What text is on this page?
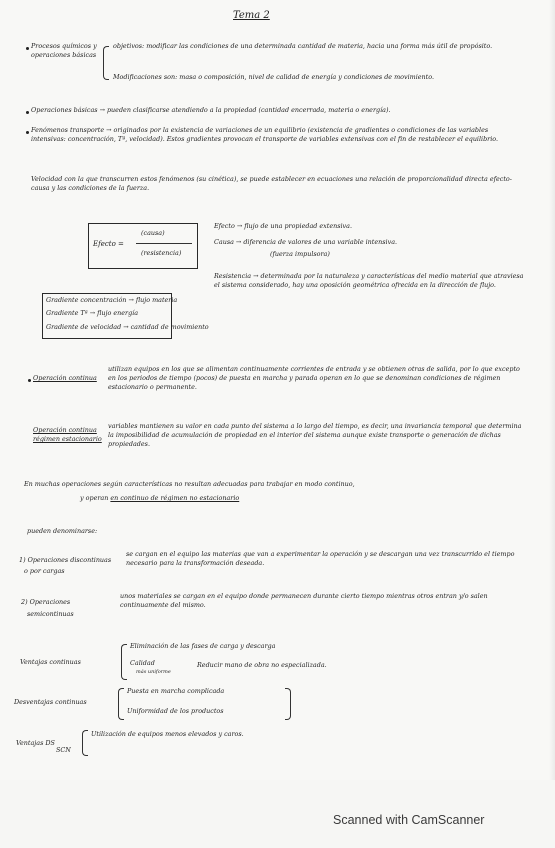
Tema 2
Procesos químicos y operaciones básicas
objetivos: modificar las condiciones de una determinada cantidad de materia, hacia una forma más útil de propósito.
Modificaciones son: masa o composición, nivel de calidad de energía y condiciones de movimiento.
Operaciones básicas → pueden clasificarse atendiendo a la propiedad (cantidad encerrada, materia o energía).
Fenómenos transporte → originados por la existencia de variaciones de un equilibrio (existencia de gradientes o condiciones de las variables intensivas: concentración, Tª, velocidad). Estos gradientes provocan el transporte de variables extensivas con el fin de restablecer el equilibrio.
Velocidad con la que transcurren estos fenómenos (su cinética), se puede establecer en ecuaciones una relación de proporcionalidad directa efecto-causa y las condiciones de la fuerza.
Efecto =
(causa)
(resistencia)
Efecto → flujo de una propiedad extensiva.
Causa → diferencia de valores de una variable intensiva.
(fuerza impulsora)
Resistencia → determinada por la naturaleza y características del medio material que atraviesa el sistema considerado, hay una oposición geométrica ofrecida en la dirección de flujo.
Gradiente concentración → flujo materia
Gradiente Tª → flujo energía
Gradiente de velocidad → cantidad de movimiento
Operación continua
utilizan equipos en los que se alimentan continuamente corrientes de entrada y se obtienen otras de salida, por lo que excepto en los periodos de tiempo (pocos) de puesta en marcha y parada operan en lo que se denominan condiciones de régimen estacionario o permanente.
Operación continua
régimen estacionario
variables mantienen su valor en cada punto del sistema a lo largo del tiempo, es decir, una invariancia temporal que determina la imposibilidad de acumulación de propiedad en el interior del sistema aunque existe transporte o generación de dichas propiedades.
En muchas operaciones según características no resultan adecuadas para trabajar en modo continuo,
y operan en continuo de régimen no estacionario
pueden denominarse:
1) Operaciones discontinuas
o por cargas
se cargan en el equipo las materias que van a experimentar la operación y se descargan una vez transcurrido el tiempo necesario para la transformación deseada.
2) Operaciones
semicontinuas
unos materiales se cargan en el equipo donde permanecen durante cierto tiempo mientras otros entran y/o salen continuamente del mismo.
Ventajas continuas
Eliminación de las fases de carga y descarga
Calidad
más uniforme
Reducir mano de obra no especializada.
Desventajas continuas
Puesta en marcha complicada
Uniformidad de los productos
Ventajas DS
SCN
Utilización de equipos menos elevados y caros.
Scanned with CamScanner
